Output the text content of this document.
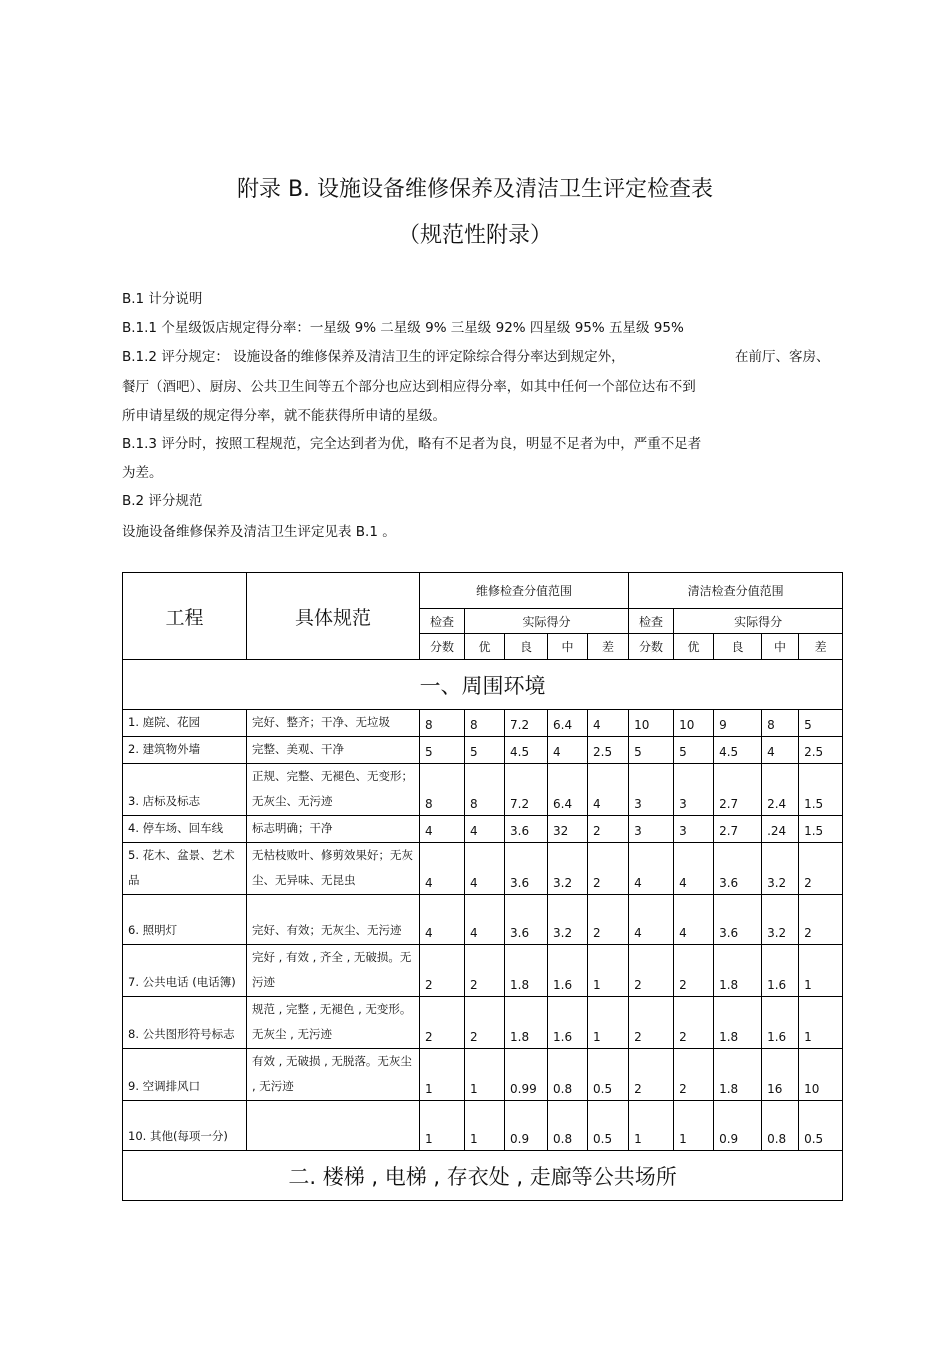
附录 B. 设施设备维修保养及清洁卫生评定检查表
（规范性附录）
B.1 计分说明
B.1.1 个星级饭店规定得分率：一星级 9% 二星级 9% 三星级 92% 四星级 95% 五星级 95%
B.1.2 评分规定： 设施设备的维修保养及清洁卫生的评定除综合得分率达到规定外，	在前厅、客房、
餐厅（酒吧）、厨房、公共卫生间等五个部分也应达到相应得分率，如其中任何一个部位达布不到
所申请星级的规定得分率，就不能获得所申请的星级。
B.1.3 评分时，按照工程规范，完全达到者为优，略有不足者为良，明显不足者为中，严重不足者
为差。
B.2 评分规范
设施设备维修保养及清洁卫生评定见表 B.1 。
工程	具体规范	维修检查分值范围					清洁检查分值范围				
		检查	实际得分				检查	实际得分			
		分数	优	良	中	差	分数	优	良	中	差
一、周围环境											
1. 庭院、花园	完好、整齐；干净、无垃圾	8	8	7.2	6.4	4	10	10	9	8	5
2. 建筑物外墙	完整、美观、干净	5	5	4.5	4	2.5	5	5	4.5	4	2.5
3. 店标及标志	正规、完整、无褪色、无变形；无灰尘、无污迹	8	8	7.2	6.4	4	3	3	2.7	2.4	1.5
4. 停车场、回车线	标志明确；干净	4	4	3.6	32	2	3	3	2.7	.24	1.5
5. 花木、盆景、艺术品	无枯枝败叶、修剪效果好；无灰尘、无异味、无昆虫	4	4	3.6	3.2	2	4	4	3.6	3.2	2
6. 照明灯	完好、有效；无灰尘、无污迹	4	4	3.6	3.2	2	4	4	3.6	3.2	2
7. 公共电话 (电话簿)	完好 , 有效 , 齐全 , 无破损。无污迹	2	2	1.8	1.6	1	2	2	1.8	1.6	1
8. 公共图形符号标志	规范 , 完整 , 无褪色 , 无变形。无灰尘 , 无污迹	2	2	1.8	1.6	1	2	2	1.8	1.6	1
9. 空调排风口	有效 , 无破损 , 无脱落。无灰尘 , 无污迹	1	1	0.99	0.8	0.5	2	2	1.8	16	10
10. 其他(每项一分)		1	1	0.9	0.8	0.5	1	1	0.9	0.8	0.5
二. 楼梯 , 电梯 , 存衣处 , 走廊等公共场所											
